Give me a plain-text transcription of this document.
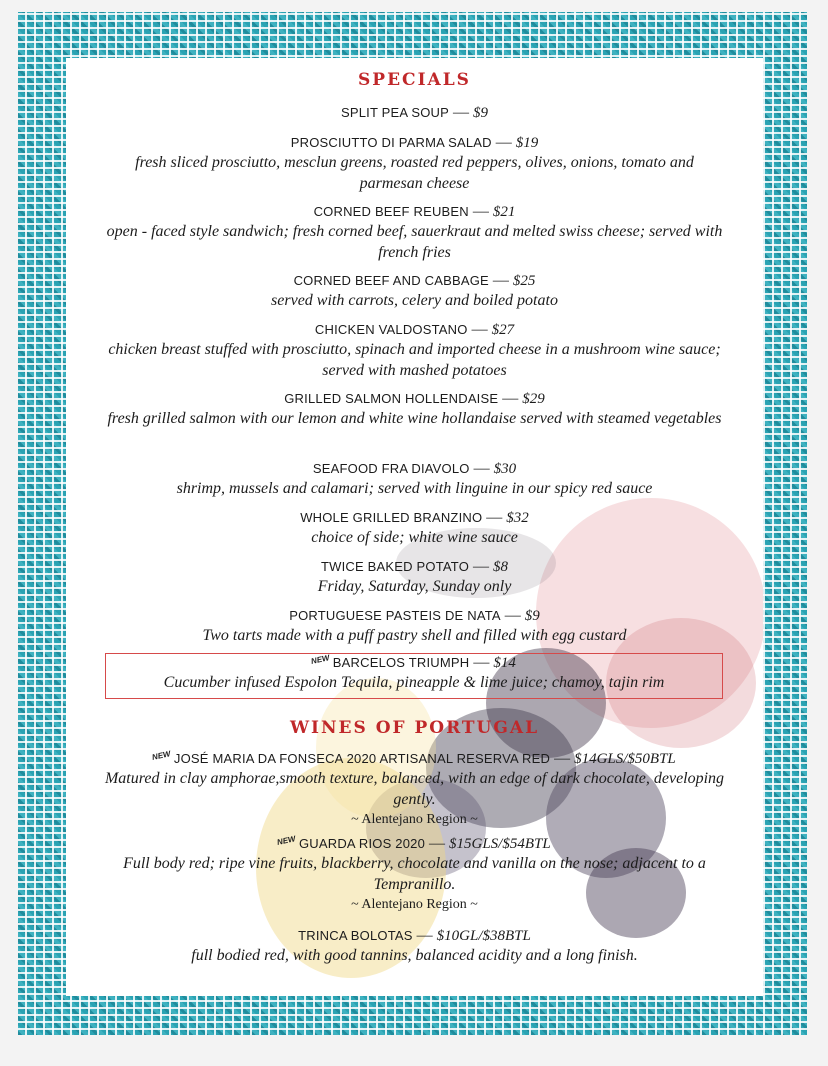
SPECIALS

SPLIT PEA SOUP — $9

PROSCIUTTO DI PARMA SALAD — $19

fresh sliced prosciutto, mesclun greens, roasted red peppers, olives, onions, tomato and parmesan cheese

CORNED BEEF REUBEN — $21

open - faced style sandwich; fresh corned beef, sauerkraut and melted swiss cheese; served with french fries

CORNED BEEF AND CABBAGE — $25

served with carrots, celery and boiled potato

CHICKEN VALDOSTANO — $27

chicken breast stuffed with prosciutto, spinach and imported cheese in a mushroom wine sauce; served with mashed potatoes

GRILLED SALMON HOLLENDAISE — $29

fresh grilled salmon with our lemon and white wine hollandaise served with steamed vegetables

SEAFOOD FRA DIAVOLO — $30

shrimp, mussels and calamari; served with linguine in our spicy red sauce

WHOLE GRILLED BRANZINO — $32

choice of side; white wine sauce

TWICE BAKED POTATO — $8

Friday, Saturday, Sunday only

PORTUGUESE PASTEIS DE NATA — $9

Two tarts made with a puff pastry shell and filled with egg custard

NEW BARCELOS TRIUMPH — $14

Cucumber infused Espolon Tequila, pineapple & lime juice; chamoy, tajin rim

WINES OF PORTUGAL

NEW JOSÉ MARIA DA FONSECA 2020 ARTISANAL RESERVA RED — $14GLS/$50BTL

Matured in clay amphorae,smooth texture, balanced, with an edge of dark chocolate, developing gently.

~ Alentejano Region ~

NEW GUARDA RIOS 2020 — $15GLS/$54BTL

Full body red; ripe vine fruits, blackberry, chocolate and vanilla on the nose; adjacent to a Tempranillo.

~ Alentejano Region ~

TRINCA BOLOTAS — $10GL/$38BTL

full bodied red, with good tannins, balanced acidity and a long finish.
